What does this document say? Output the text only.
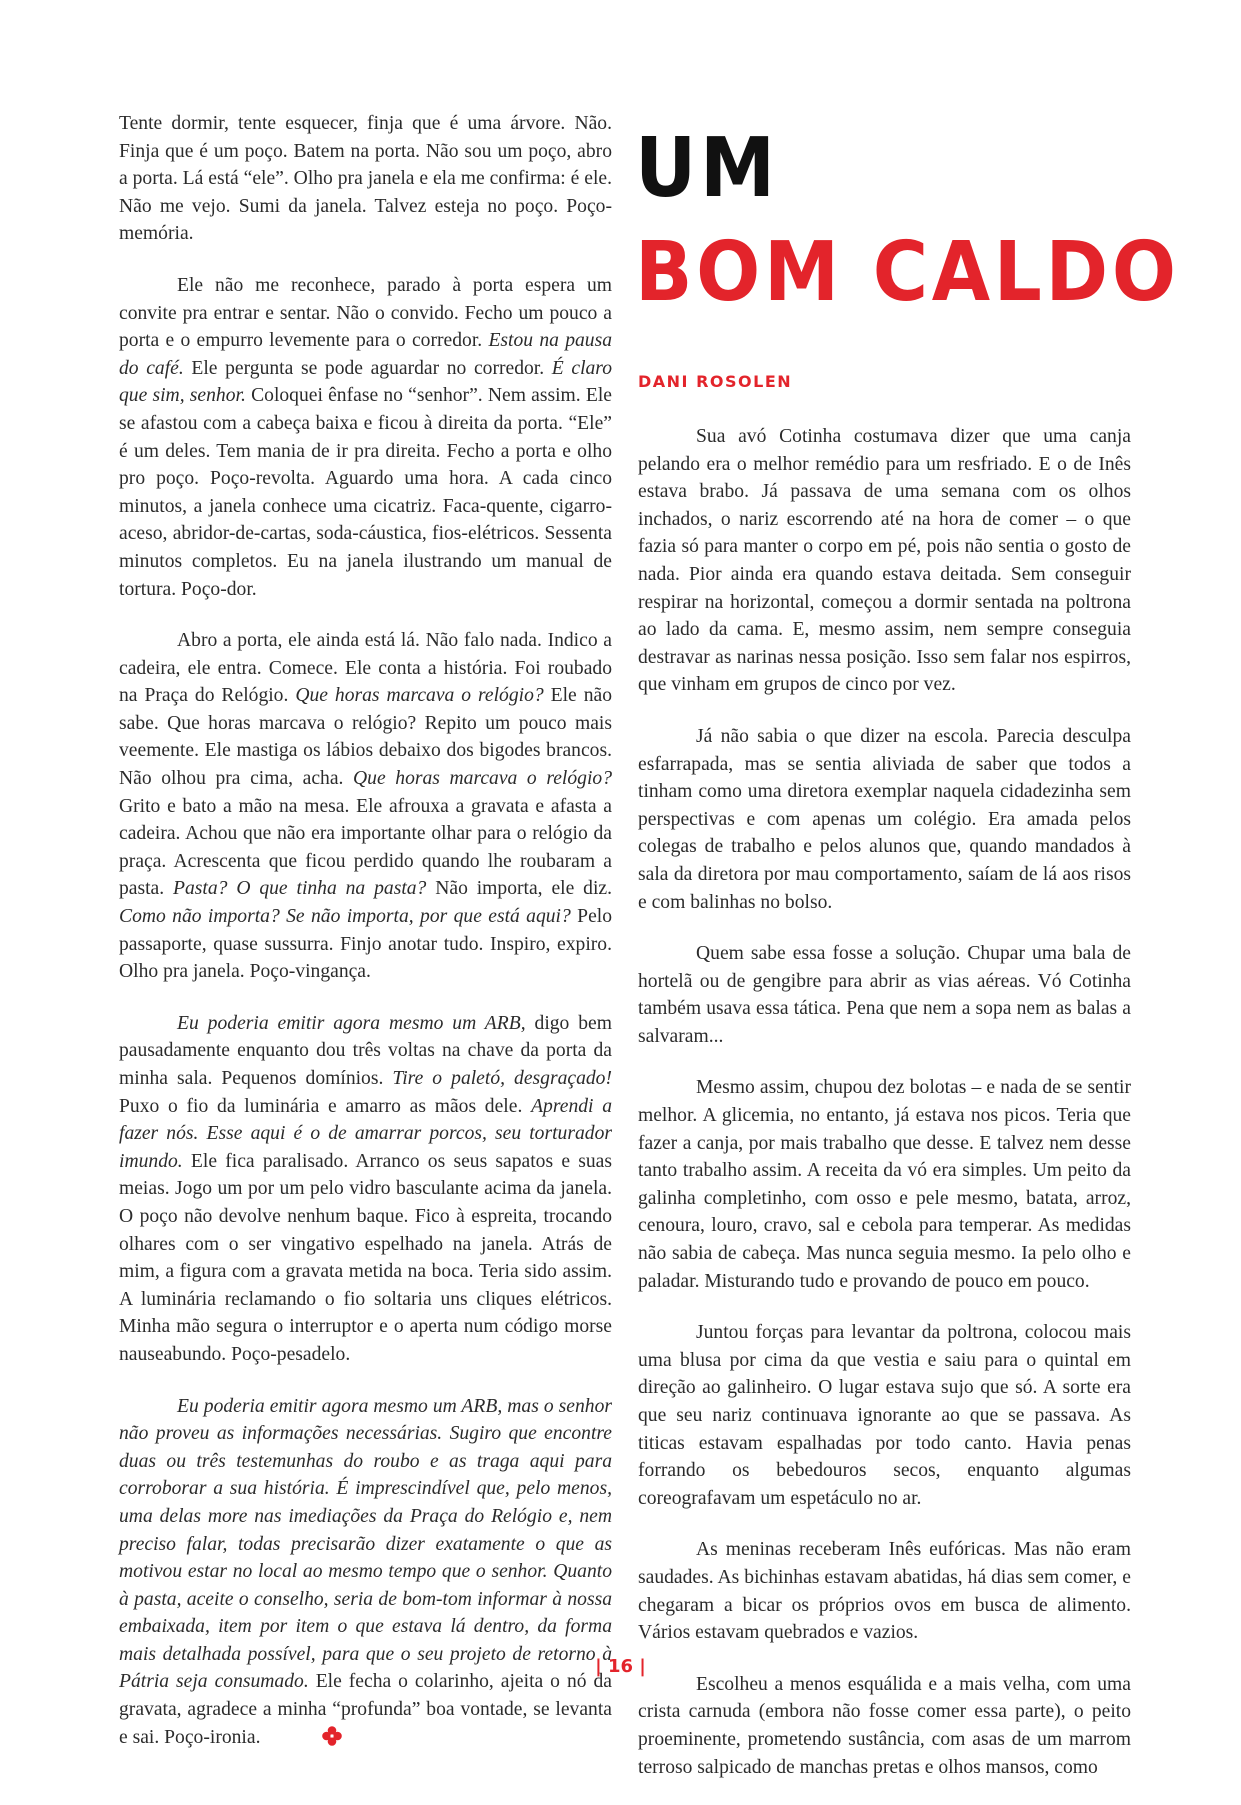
Tente dormir, tente esquecer, finja que é uma árvore. Não. Finja que é um poço. Batem na porta. Não sou um poço, abro a porta. Lá está “ele”. Olho pra janela e ela me confirma: é ele. Não me vejo. Sumi da janela. Talvez esteja no poço. Poço-memória.

Ele não me reconhece, parado à porta espera um convite pra entrar e sentar. Não o convido. Fecho um pouco a porta e o empurro levemente para o corredor. Estou na pausa do café. Ele pergunta se pode aguardar no corredor. É claro que sim, senhor. Coloquei ênfase no “senhor”. Nem assim. Ele se afastou com a cabeça baixa e ficou à direita da porta. “Ele” é um deles. Tem mania de ir pra direita. Fecho a porta e olho pro poço. Poço-revolta. Aguardo uma hora. A cada cinco minutos, a janela conhece uma cicatriz. Faca-quente, cigarro-aceso, abridor-de-cartas, soda-cáustica, fios-elétricos. Sessenta minutos completos. Eu na janela ilustrando um manual de tortura. Poço-dor.

Abro a porta, ele ainda está lá. Não falo nada. Indico a cadeira, ele entra. Comece. Ele conta a história. Foi roubado na Praça do Relógio. Que horas marcava o relógio? Ele não sabe. Que horas marcava o relógio? Repito um pouco mais veemente. Ele mastiga os lábios debaixo dos bigodes brancos. Não olhou pra cima, acha. Que horas marcava o relógio? Grito e bato a mão na mesa. Ele afrouxa a gravata e afasta a cadeira. Achou que não era importante olhar para o relógio da praça. Acrescenta que ficou perdido quando lhe roubaram a pasta. Pasta? O que tinha na pasta? Não importa, ele diz. Como não importa? Se não importa, por que está aqui? Pelo passaporte, quase sussurra. Finjo anotar tudo. Inspiro, expiro. Olho pra janela. Poço-vingança.

Eu poderia emitir agora mesmo um ARB, digo bem pausadamente enquanto dou três voltas na chave da porta da minha sala. Pequenos domínios. Tire o paletó, desgraçado! Puxo o fio da luminária e amarro as mãos dele. Aprendi a fazer nós. Esse aqui é o de amarrar porcos, seu torturador imundo. Ele fica paralisado. Arranco os seus sapatos e suas meias. Jogo um por um pelo vidro basculante acima da janela. O poço não devolve nenhum baque. Fico à espreita, trocando olhares com o ser vingativo espelhado na janela. Atrás de mim, a figura com a gravata metida na boca. Teria sido assim. A luminária reclamando o fio soltaria uns cliques elétricos. Minha mão segura o interruptor e o aperta num código morse nauseabundo. Poço-pesadelo.

Eu poderia emitir agora mesmo um ARB, mas o senhor não proveu as informações necessárias. Sugiro que encontre duas ou três testemunhas do roubo e as traga aqui para corroborar a sua história. É imprescindível que, pelo menos, uma delas more nas imediações da Praça do Relógio e, nem preciso falar, todas precisarão dizer exatamente o que as motivou estar no local ao mesmo tempo que o senhor. Quanto à pasta, aceite o conselho, seria de bom-tom informar à nossa embaixada, item por item o que estava lá dentro, da forma mais detalhada possível, para que o seu projeto de retorno à Pátria seja consumado. Ele fecha o colarinho, ajeita o nó da gravata, agradece a minha “profunda” boa vontade, se levanta e sai. Poço-ironia.

UM
BOM CALDO
DANI ROSOLEN

Sua avó Cotinha costumava dizer que uma canja pelando era o melhor remédio para um resfriado. E o de Inês estava brabo. Já passava de uma semana com os olhos inchados, o nariz escorrendo até na hora de comer – o que fazia só para manter o corpo em pé, pois não sentia o gosto de nada. Pior ainda era quando estava deitada. Sem conseguir respirar na horizontal, começou a dormir sentada na poltrona ao lado da cama. E, mesmo assim, nem sempre conseguia destravar as narinas nessa posição. Isso sem falar nos espirros, que vinham em grupos de cinco por vez.

Já não sabia o que dizer na escola. Parecia desculpa esfarrapada, mas se sentia aliviada de saber que todos a tinham como uma diretora exemplar naquela cidadezinha sem perspectivas e com apenas um colégio. Era amada pelos colegas de trabalho e pelos alunos que, quando mandados à sala da diretora por mau comportamento, saíam de lá aos risos e com balinhas no bolso.

Quem sabe essa fosse a solução. Chupar uma bala de hortelã ou de gengibre para abrir as vias aéreas. Vó Cotinha também usava essa tática. Pena que nem a sopa nem as balas a salvaram...

Mesmo assim, chupou dez bolotas – e nada de se sentir melhor. A glicemia, no entanto, já estava nos picos. Teria que fazer a canja, por mais trabalho que desse. E talvez nem desse tanto trabalho assim. A receita da vó era simples. Um peito da galinha completinho, com osso e pele mesmo, batata, arroz, cenoura, louro, cravo, sal e cebola para temperar. As medidas não sabia de cabeça. Mas nunca seguia mesmo. Ia pelo olho e paladar. Misturando tudo e provando de pouco em pouco.

Juntou forças para levantar da poltrona, colocou mais uma blusa por cima da que vestia e saiu para o quintal em direção ao galinheiro. O lugar estava sujo que só. A sorte era que seu nariz continuava ignorante ao que se passava. As titicas estavam espalhadas por todo canto. Havia penas forrando os bebedouros secos, enquanto algumas coreografavam um espetáculo no ar.

As meninas receberam Inês eufóricas. Mas não eram saudades. As bichinhas estavam abatidas, há dias sem comer, e chegaram a bicar os próprios ovos em busca de alimento. Vários estavam quebrados e vazios.

Escolheu a menos esquálida e a mais velha, com uma crista carnuda (embora não fosse comer essa parte), o peito proeminente, prometendo sustância, com asas de um marrom terroso salpicado de manchas pretas e olhos mansos, como

| 16 |
